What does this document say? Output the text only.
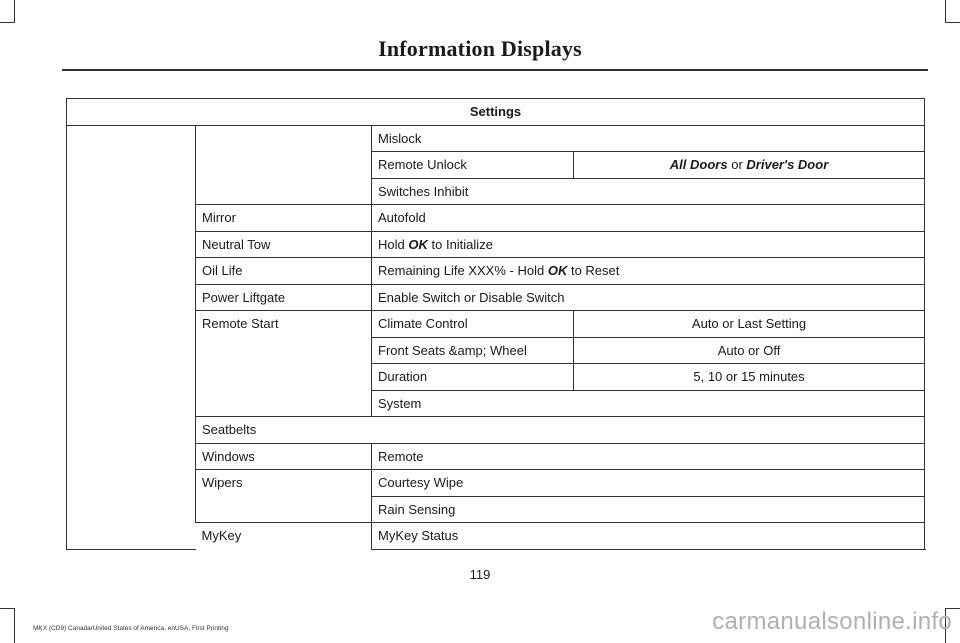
Information Displays
Settings			
		Mislock	
		Remote Unlock	All Doors or Driver's Door
		Switches Inhibit	
	Mirror	Autofold	
	Neutral Tow	Hold OK to Initialize	
	Oil Life	Remaining Life XXX% - Hold OK to Reset	
	Power Liftgate	Enable Switch or Disable Switch	
	Remote Start	Climate Control	Auto or Last Setting
		Front Seats &amp; Wheel	Auto or Off
		Duration	5, 10 or 15 minutes
		System	
	Seatbelts		
	Windows	Remote	
	Wipers	Courtesy Wipe	
		Rain Sensing	
	MyKey	MyKey Status	
119
MKX (CD9) Canada/United States of America, enUSA, First Printing	carmanualsonline.info
